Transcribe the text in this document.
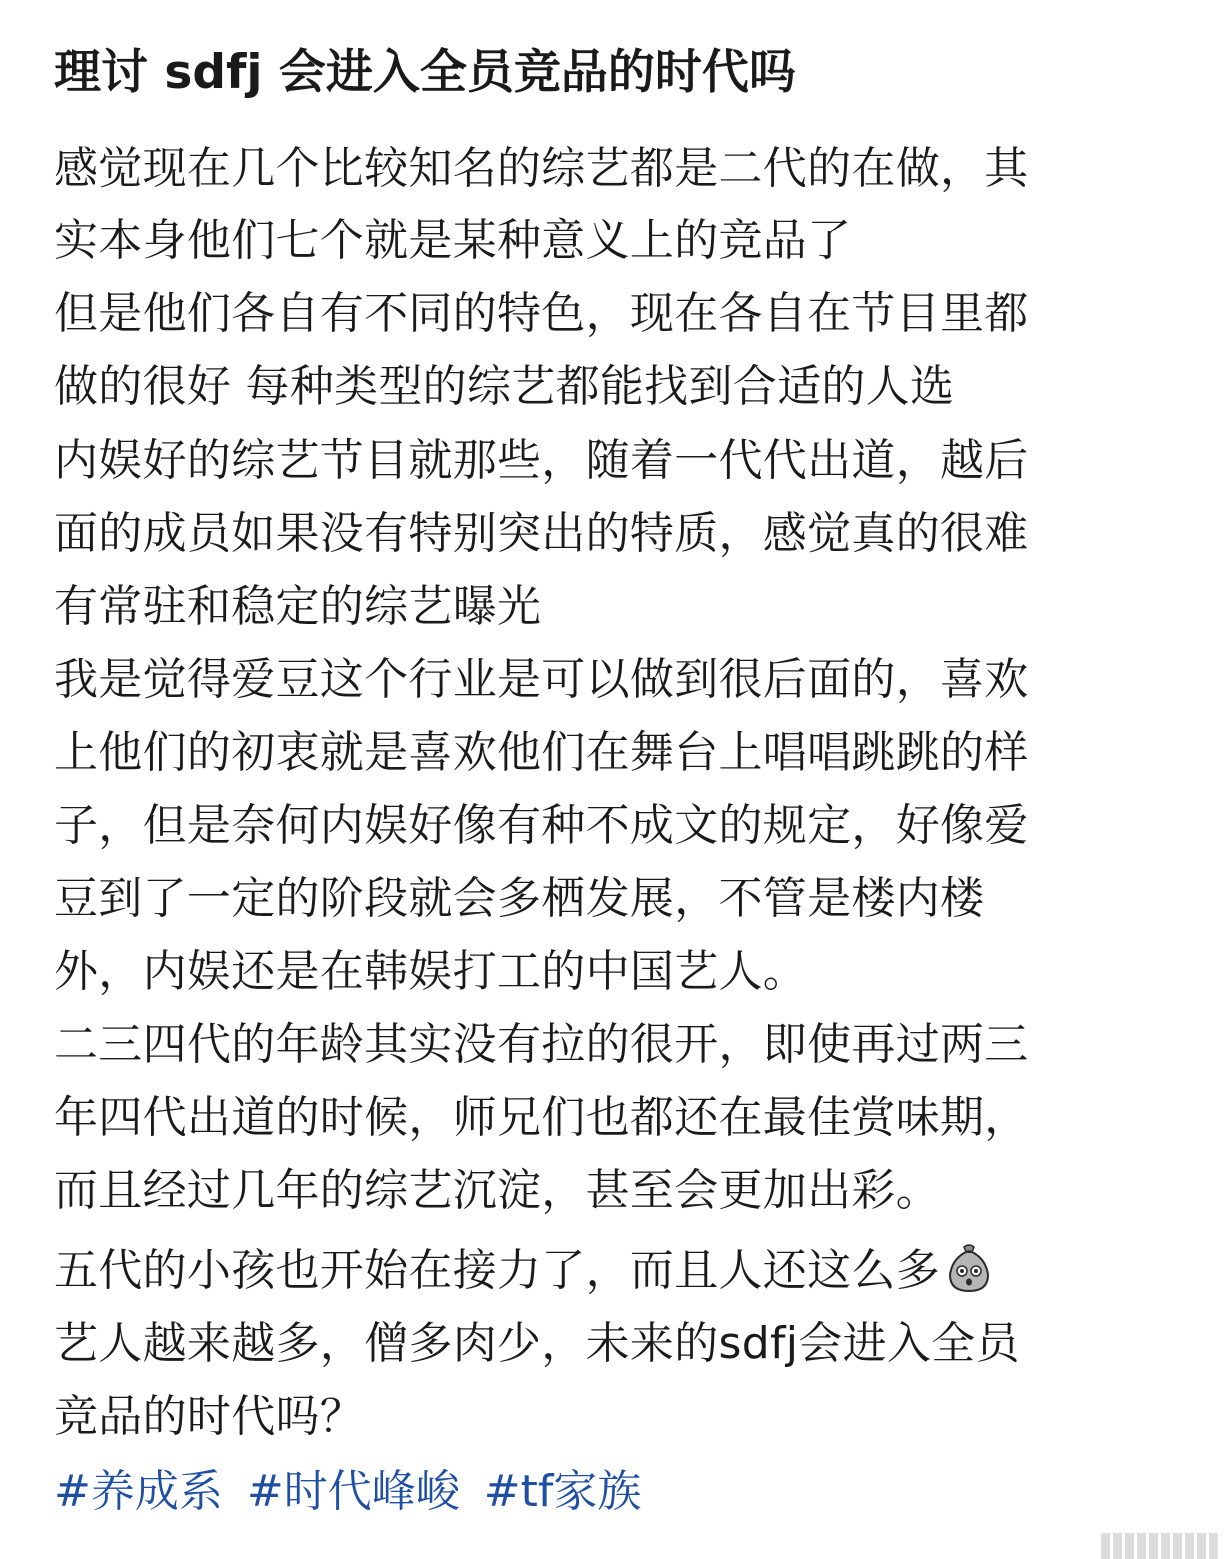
理讨 sdfj 会进入全员竞品的时代吗
感觉现在几个比较知名的综艺都是二代的在做，其
实本身他们七个就是某种意义上的竞品了
但是他们各自有不同的特色，现在各自在节目里都
做的很好 每种类型的综艺都能找到合适的人选
内娱好的综艺节目就那些，随着一代代出道，越后
面的成员如果没有特别突出的特质，感觉真的很难
有常驻和稳定的综艺曝光
我是觉得爱豆这个行业是可以做到很后面的，喜欢
上他们的初衷就是喜欢他们在舞台上唱唱跳跳的样
子，但是奈何内娱好像有种不成文的规定，好像爱
豆到了一定的阶段就会多栖发展，不管是楼内楼
外，内娱还是在韩娱打工的中国艺人。
二三四代的年龄其实没有拉的很开，即使再过两三
年四代出道的时候，师兄们也都还在最佳赏味期，
而且经过几年的综艺沉淀，甚至会更加出彩。
五代的小孩也开始在接力了，而且人还这么多
艺人越来越多，僧多肉少，未来的sdfj会进入全员
竞品的时代吗？
#养成系 #时代峰峻 #tf家族
